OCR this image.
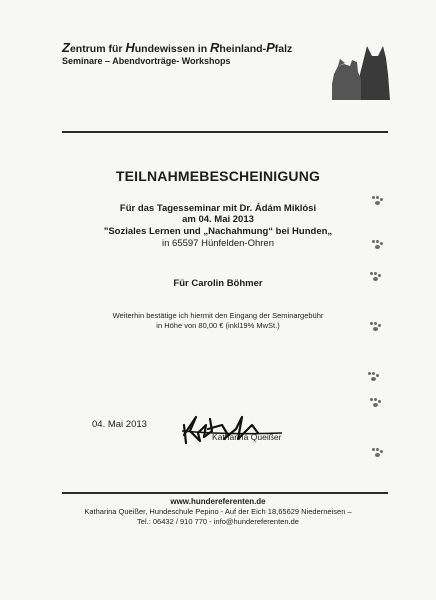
Zentrum für Hundewissen in Rheinland-Pfalz
Seminare – Abendvorträge- Workshops
TEILNAHMEBESCHEINIGUNG
Für das Tagesseminar mit Dr. Ádám Miklósi
am 04. Mai 2013
"Soziales Lernen und „Nachahmung“ bei Hunden„
in 65597 Hünfelden-Ohren
Für Carolin Böhmer
Weiterhin bestätige ich hiermit den Eingang der Seminargebühr
in Höhe von 80,00 € (inkl19% MwSt.)
04. Mai 2013
Katharina Queißer
www.hundereferenten.de
Katharina Queißer, Hundeschule Pepino - Auf der Eich 18,65629 Niederneisen –
Tel.: 06432 / 910 770 - info@hundereferenten.de
